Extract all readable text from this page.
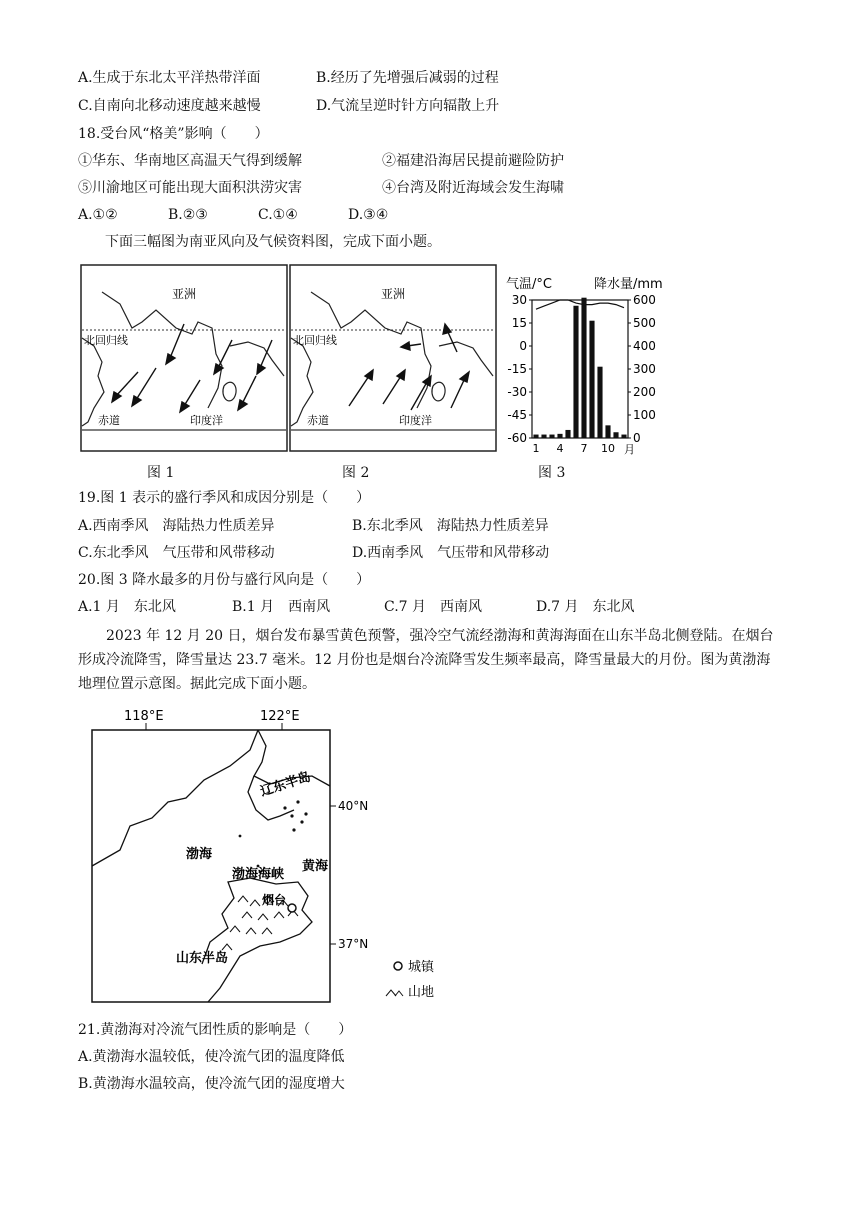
A.生成于东北太平洋热带洋面	B.经历了先增强后减弱的过程
C.自南向北移动速度越来越慢	D.气流呈逆时针方向辐散上升
18.受台风“格美”影响（　　）
①华东、华南地区高温天气得到缓解	②福建沿海居民提前避险防护
⑤川渝地区可能出现大面积洪涝灾害	④台湾及附近海域会发生海啸
A.①②	B.②③	C.①④	D.③④
下面三幅图为南亚风向及气候资料图，完成下面小题。
亚洲
北回归线
赤道	印度洋
亚洲
北回归线
赤道	印度洋
气温/°C	降水量/mm
30
15
0
-15
-30
-45
-60
600
500
400
300
200
100
0
1 4 7 10 月
图 1	图 2	图 3
19.图 1 表示的盛行季风和成因分别是（　　）
A.西南季风　海陆热力性质差异	B.东北季风　海陆热力性质差异
C.东北季风　气压带和风带移动	D.西南季风　气压带和风带移动
20.图 3 降水最多的月份与盛行风向是（　　）
A.1 月　东北风	B.1 月　西南风	C.7 月　西南风	D.7 月　东北风
2023 年 12 月 20 日，烟台发布暴雪黄色预警，强冷空气流经渤海和黄海海面在山东半岛北侧登陆。在烟台形成冷流降雪，降雪量达 23.7 毫米。12 月份也是烟台冷流降雪发生频率最高，降雪量最大的月份。图为黄渤海地理位置示意图。据此完成下面小题。
118°E	122°E
辽东半岛
渤海
渤海海峡
黄海
烟台
山东半岛
40°N
37°N
城镇
山地
21.黄渤海对冷流气团性质的影响是（　　）
A.黄渤海水温较低，使冷流气团的温度降低
B.黄渤海水温较高，使冷流气团的湿度增大
